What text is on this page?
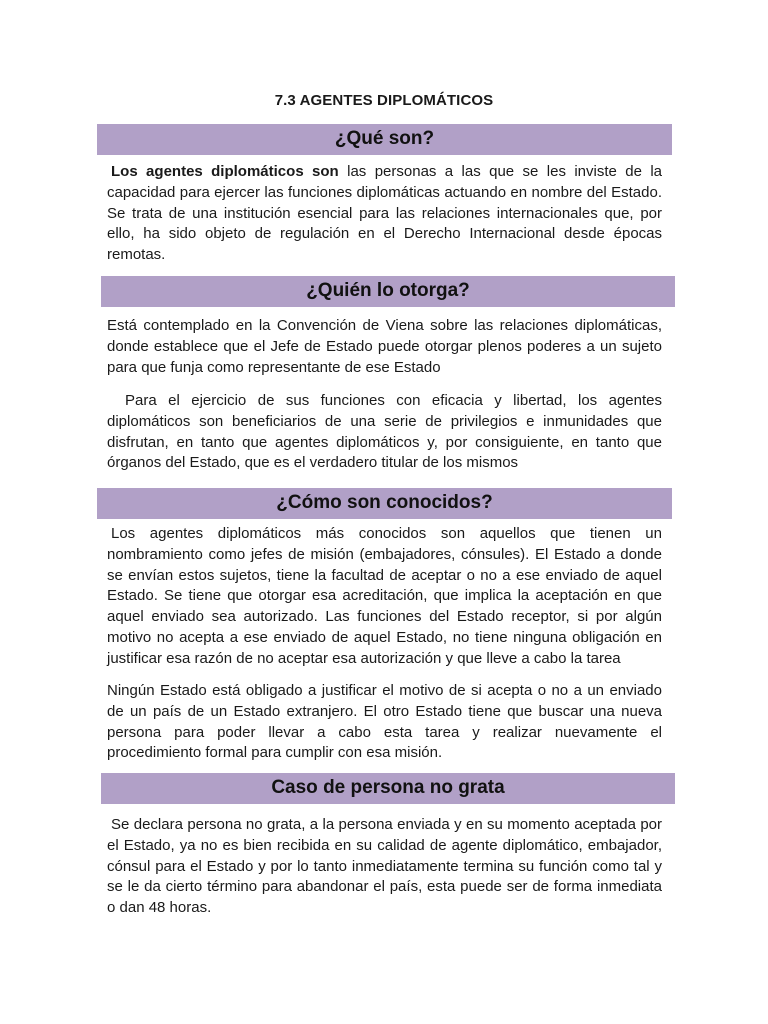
7.3 AGENTES DIPLOMÁTICOS
¿Qué son?

Los agentes diplomáticos son las personas a las que se les inviste de la capacidad para ejercer las funciones diplomáticas actuando en nombre del Estado. Se trata de una institución esencial para las relaciones internacionales que, por ello, ha sido objeto de regulación en el Derecho Internacional desde épocas remotas.

¿Quién lo otorga?

Está contemplado en la Convención de Viena sobre las relaciones diplomáticas, donde establece que el Jefe de Estado puede otorgar plenos poderes a un sujeto para que funja como representante de ese Estado

Para el ejercicio de sus funciones con eficacia y libertad, los agentes diplomáticos son beneficiarios de una serie de privilegios e inmunidades que disfrutan, en tanto que agentes diplomáticos y, por consiguiente, en tanto que órganos del Estado, que es el verdadero titular de los mismos

¿Cómo son conocidos?

Los agentes diplomáticos más conocidos son aquellos que tienen un nombramiento como jefes de misión (embajadores, cónsules). El Estado a donde se envían estos sujetos, tiene la facultad de aceptar o no a ese enviado de aquel Estado. Se tiene que otorgar esa acreditación, que implica la aceptación en que aquel enviado sea autorizado. Las funciones del Estado receptor, si por algún motivo no acepta a ese enviado de aquel Estado, no tiene ninguna obligación en justificar esa razón de no aceptar esa autorización y que lleve a cabo la tarea

Ningún Estado está obligado a justificar el motivo de si acepta o no a un enviado de un país de un Estado extranjero. El otro Estado tiene que buscar una nueva persona para poder llevar a cabo esta tarea y realizar nuevamente el procedimiento formal para cumplir con esa misión.

Caso de persona no grata

Se declara persona no grata, a la persona enviada y en su momento aceptada por el Estado, ya no es bien recibida en su calidad de agente diplomático, embajador, cónsul para el Estado y por lo tanto inmediatamente termina su función como tal y se le da cierto término para abandonar el país, esta puede ser de forma inmediata o dan 48 horas.
